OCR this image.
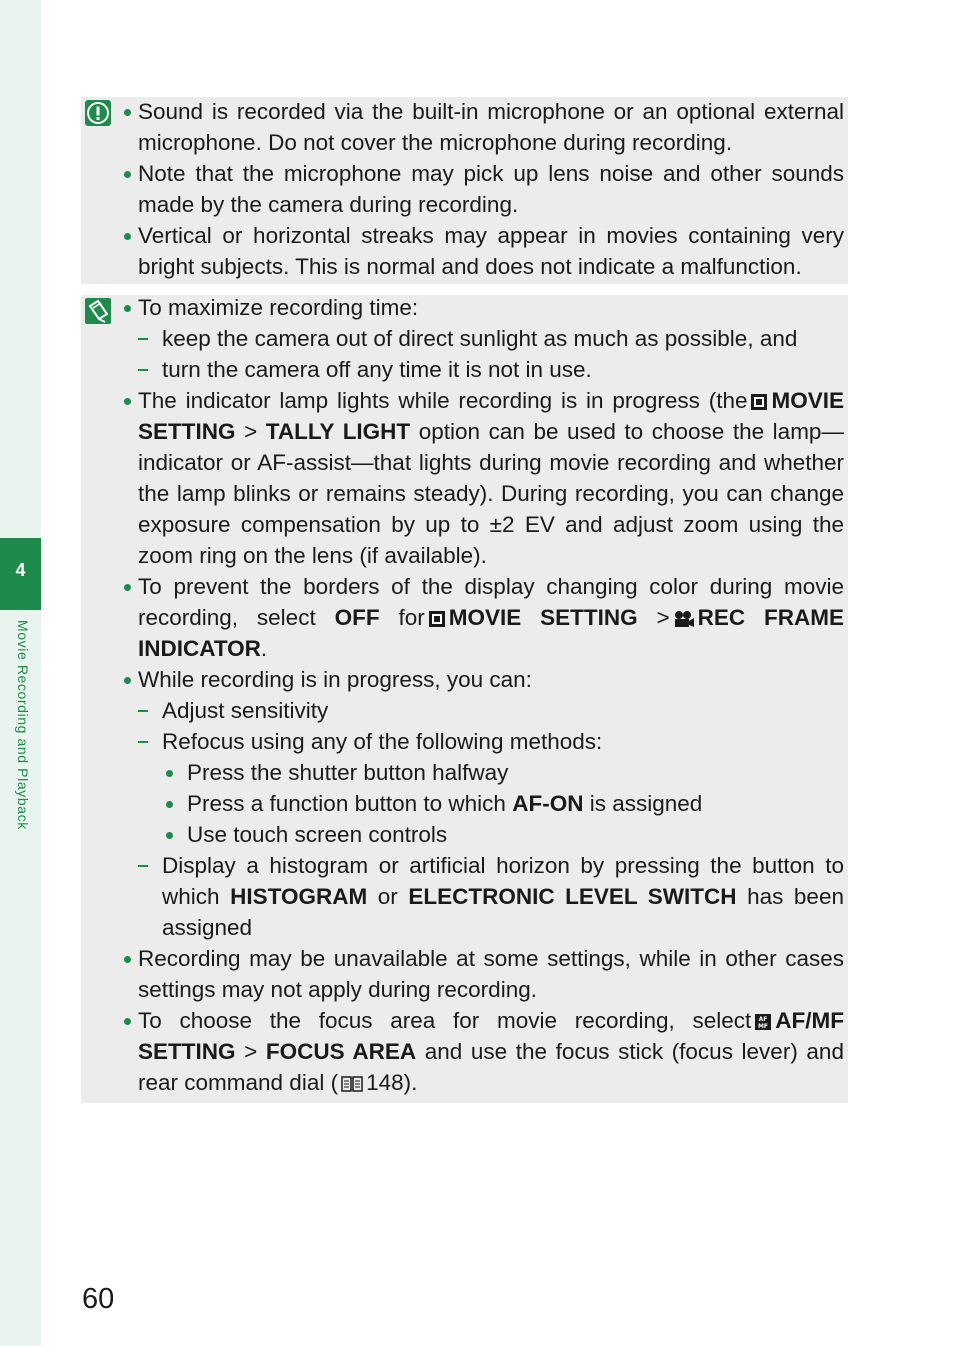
4
Movie Recording and Playback
Sound is recorded via the built-in microphone or an optional external microphone. Do not cover the microphone during recording.
Note that the microphone may pick up lens noise and other sounds made by the camera during recording.
Vertical or horizontal streaks may appear in movies containing very bright subjects. This is normal and does not indicate a malfunction.
To maximize recording time:
keep the camera out of direct sunlight as much as possible, and
turn the camera off any time it is not in use.
The indicator lamp lights while recording is in progress (the MOVIE SETTING > TALLY LIGHT option can be used to choose the lamp—indicator or AF-assist—that lights during movie recording and whether the lamp blinks or remains steady). During recording, you can change exposure compensation by up to ±2 EV and adjust zoom using the zoom ring on the lens (if available).
To prevent the borders of the display changing color during movie recording, select OFF for MOVIE SETTING > REC FRAME INDICATOR.
While recording is in progress, you can:
Adjust sensitivity
Refocus using any of the following methods:
Press the shutter button halfway
Press a function button to which AF-ON is assigned
Use touch screen controls
Display a histogram or artificial horizon by pressing the button to which HISTOGRAM or ELECTRONIC LEVEL SWITCH has been assigned
Recording may be unavailable at some settings, while in other cases settings may not apply during recording.
To choose the focus area for movie recording, select AF
MF AF/MF SETTING > FOCUS AREA and use the focus stick (focus lever) and rear command dial ( 148).
60
